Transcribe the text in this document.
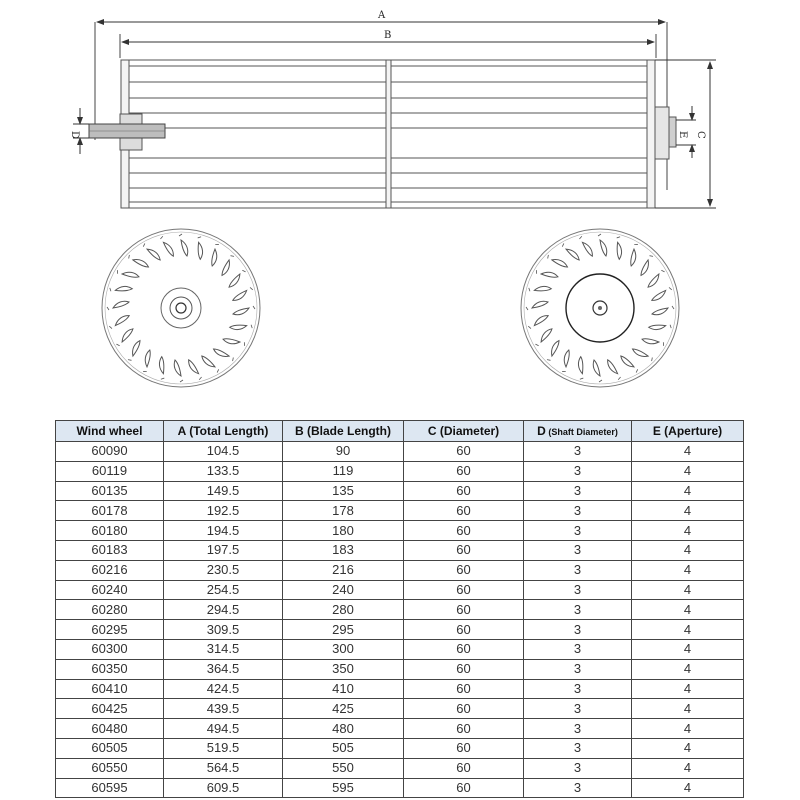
A
B
D	E C
Wind wheel	A (Total Length)	B (Blade Length)	C (Diameter)	D (Shaft Diameter)	E (Aperture)
60090	104.5	90	60	3	4
60119	133.5	119	60	3	4
60135	149.5	135	60	3	4
60178	192.5	178	60	3	4
60180	194.5	180	60	3	4
60183	197.5	183	60	3	4
60216	230.5	216	60	3	4
60240	254.5	240	60	3	4
60280	294.5	280	60	3	4
60295	309.5	295	60	3	4
60300	314.5	300	60	3	4
60350	364.5	350	60	3	4
60410	424.5	410	60	3	4
60425	439.5	425	60	3	4
60480	494.5	480	60	3	4
60505	519.5	505	60	3	4
60550	564.5	550	60	3	4
60595	609.5	595	60	3	4
